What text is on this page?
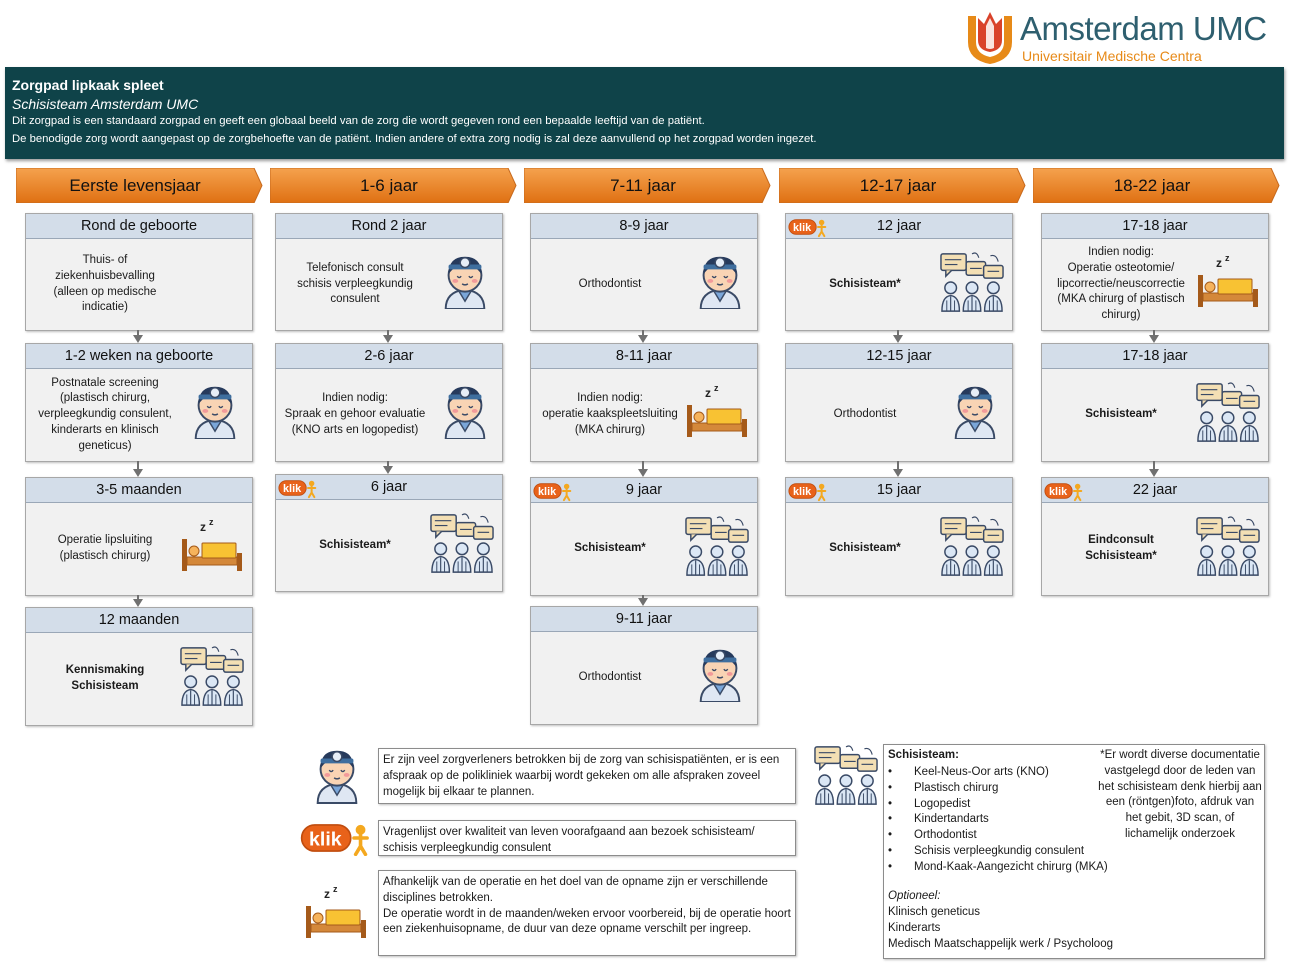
Amsterdam UMC
Universitair Medische Centra
Zorgpad lipkaak spleet
Schisisteam Amsterdam UMC
Dit zorgpad is een standaard zorgpad en geeft een globaal beeld van de zorg die wordt gegeven rond een bepaalde leeftijd van de patiënt.
De benodigde zorg wordt aangepast op de zorgbehoefte van de patiënt. Indien andere of extra zorg nodig is zal deze aanvullend op het zorgpad worden ingezet.
Eerste levensjaar	1-6 jaar	7-11 jaar	12-17 jaar	18-22 jaar
Rond de geboorte
Thuis- of
ziekenhuisbevalling
(alleen op medische
indicatie)
1-2 weken na geboorte
Postnatale screening
(plastisch chirurg,
verpleegkundig consulent,
kinderarts en klinisch
geneticus)
3-5 maanden
Operatie lipsluiting
(plastisch chirurg)
z z
12 maanden
Kennismaking
Schisisteam
Rond 2 jaar
Telefonisch consult
schisis verpleegkundig
consulent
2-6 jaar
Indien nodig:
Spraak en gehoor evaluatie
(KNO arts en logopedist)
klik	6 jaar
Schisisteam*
8-9 jaar
Orthodontist
8-11 jaar
Indien nodig:
operatie kaakspleetsluiting
(MKA chirurg)
z z
klik	9 jaar
Schisisteam*
9-11 jaar
Orthodontist
klik	12 jaar
Schisisteam*
12-15 jaar
Orthodontist
klik	15 jaar
Schisisteam*
17-18 jaar
Indien nodig:
Operatie osteotomie/
lipcorrectie/neuscorrectie
(MKA chirurg of plastisch
chirurg)
z z
17-18 jaar
Schisisteam*
klik	22 jaar
Eindconsult
Schisisteam*
Er zijn veel zorgverleners betrokken bij de zorg van schisispatiënten, er is een afspraak op de polikliniek waarbij wordt gekeken om alle afspraken zoveel mogelijk bij elkaar te plannen.
klik	Vragenlijst over kwaliteit van leven voorafgaand aan bezoek schisisteam/ schisis verpleegkundig consulent
z z
Afhankelijk van de operatie en het doel van de opname zijn er verschillende disciplines betrokken.
De operatie wordt in de maanden/weken ervoor voorbereid, bij de operatie hoort een ziekenhuisopname, de duur van deze opname verschilt per ingreep.
Schisisteam:
• Keel-Neus-Oor arts (KNO)
• Plastisch chirurg
• Logopedist
• Kindertandarts
• Orthodontist
• Schisis verpleegkundig consulent
• Mond-Kaak-Aangezicht chirurg (MKA)
*Er wordt diverse documentatie vastgelegd door de leden van het schisisteam denk hierbij aan een (röntgen)foto, afdruk van het gebit, 3D scan, of lichamelijk onderzoek
Optioneel:
Klinisch geneticus
Kinderarts
Medisch Maatschappelijk werk / Psycholoog
